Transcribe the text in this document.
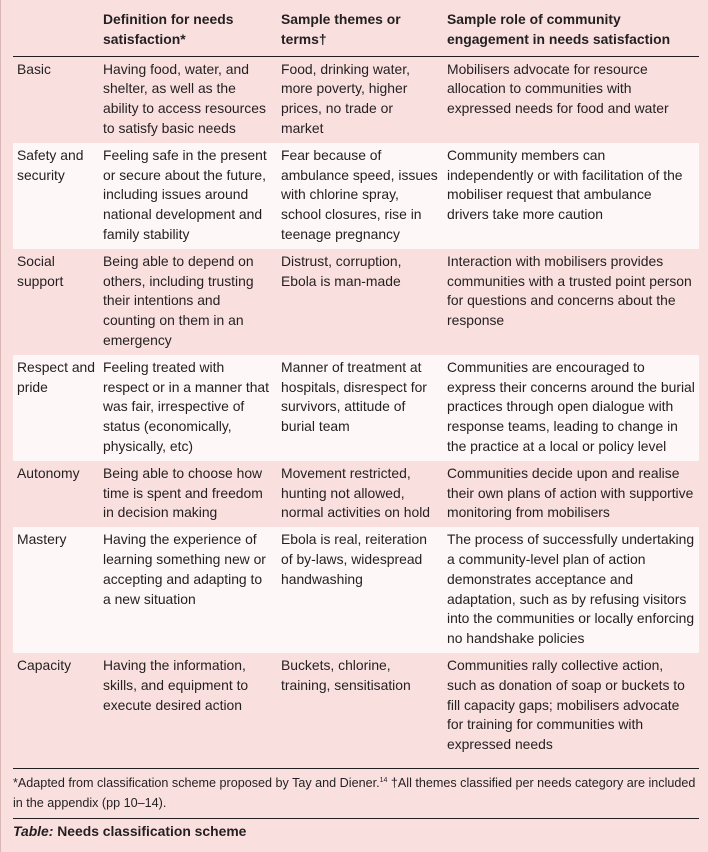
	Definition for needs satisfaction*	Sample themes or terms†	Sample role of community engagement in needs satisfaction
Basic	Having food, water, and shelter, as well as the ability to access resources to satisfy basic needs	Food, drinking water, more poverty, higher prices, no trade or market	Mobilisers advocate for resource allocation to communities with expressed needs for food and water
Safety and security	Feeling safe in the present or secure about the future, including issues around national development and family stability	Fear because of ambulance speed, issues with chlorine spray, school closures, rise in teenage pregnancy	Community members can independently or with facilitation of the mobiliser request that ambulance drivers take more caution
Social support	Being able to depend on others, including trusting their intentions and counting on them in an emergency	Distrust, corruption, Ebola is man-made	Interaction with mobilisers provides communities with a trusted point person for questions and concerns about the response
Respect and pride	Feeling treated with respect or in a manner that was fair, irrespective of status (economically, physically, etc)	Manner of treatment at hospitals, disrespect for survivors, attitude of burial team	Communities are encouraged to express their concerns around the burial practices through open dialogue with response teams, leading to change in the practice at a local or policy level
Autonomy	Being able to choose how time is spent and freedom in decision making	Movement restricted, hunting not allowed, normal activities on hold	Communities decide upon and realise their own plans of action with supportive monitoring from mobilisers
Mastery	Having the experience of learning something new or accepting and adapting to a new situation	Ebola is real, reiteration of by-laws, widespread handwashing	The process of successfully undertaking a community-level plan of action demonstrates acceptance and adaptation, such as by refusing visitors into the communities or locally enforcing no handshake policies
Capacity	Having the information, skills, and equipment to execute desired action	Buckets, chlorine, training, sensitisation	Communities rally collective action, such as donation of soap or buckets to fill capacity gaps; mobilisers advocate for training for communities with expressed needs
*Adapted from classification scheme proposed by Tay and Diener.$^{14}$ †All themes classified per needs category are included in the appendix (pp 10–14).
Table: Needs classification scheme
